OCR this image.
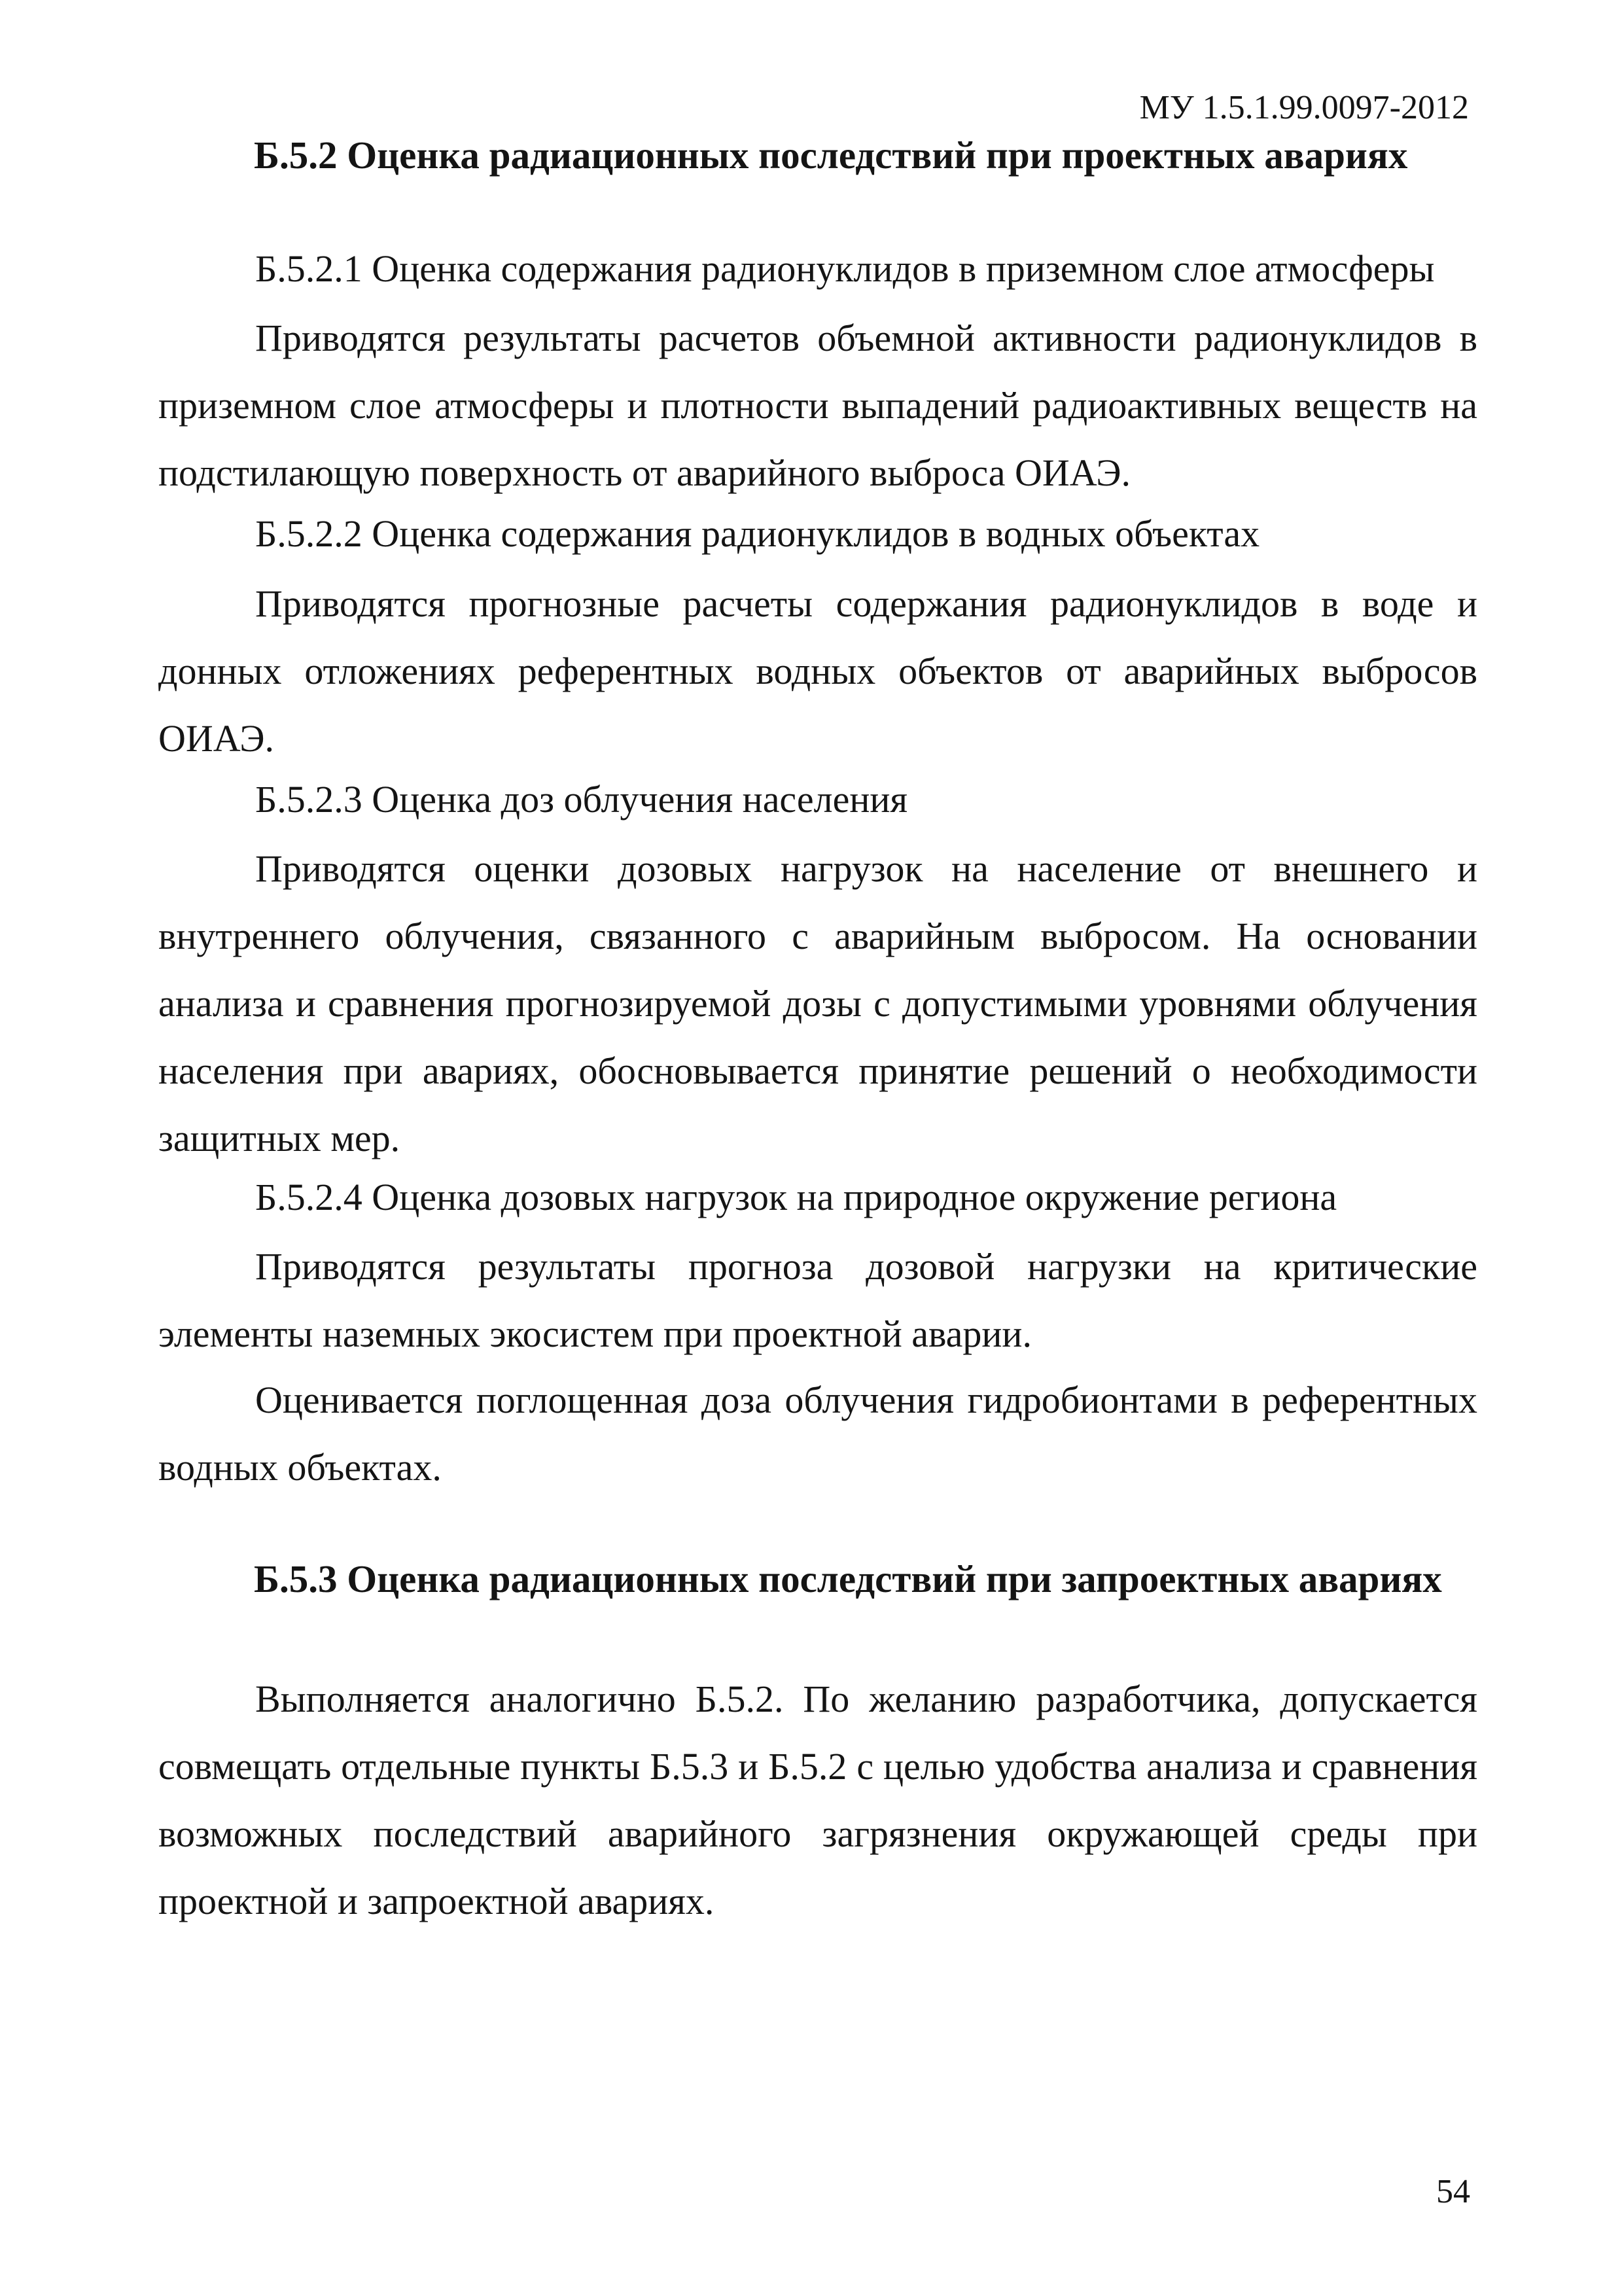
МУ 1.5.1.99.0097-2012
Б.5.2 Оценка радиационных последствий при проектных авариях
Б.5.2.1 Оценка содержания радионуклидов в приземном слое атмосферы

Приводятся результаты расчетов объемной активности радионуклидов в приземном слое атмосферы и плотности выпадений радиоактивных веществ на подстилающую поверхность от аварийного выброса ОИАЭ.

Б.5.2.2 Оценка содержания радионуклидов в водных объектах

Приводятся прогнозные расчеты содержания радионуклидов в воде и донных отложениях референтных водных объектов от аварийных выбросов ОИАЭ.

Б.5.2.3 Оценка доз облучения населения

Приводятся оценки дозовых нагрузок на население от внешнего и внутреннего облучения, связанного с аварийным выбросом. На основании анализа и сравнения прогнозируемой дозы с допустимыми уровнями облучения населения при авариях, обосновывается принятие решений о необходимости защитных мер.

Б.5.2.4 Оценка дозовых нагрузок на природное окружение региона

Приводятся результаты прогноза дозовой нагрузки на критические элементы наземных экосистем при проектной аварии.

Оценивается поглощенная доза облучения гидробионтами в референтных водных объектах.

Б.5.3 Оценка радиационных последствий при запроектных авариях

Выполняется аналогично Б.5.2. По желанию разработчика, допускается совмещать отдельные пункты Б.5.3 и Б.5.2 с целью удобства анализа и сравнения возможных последствий аварийного загрязнения окружающей среды при проектной и запроектной авариях.

54
